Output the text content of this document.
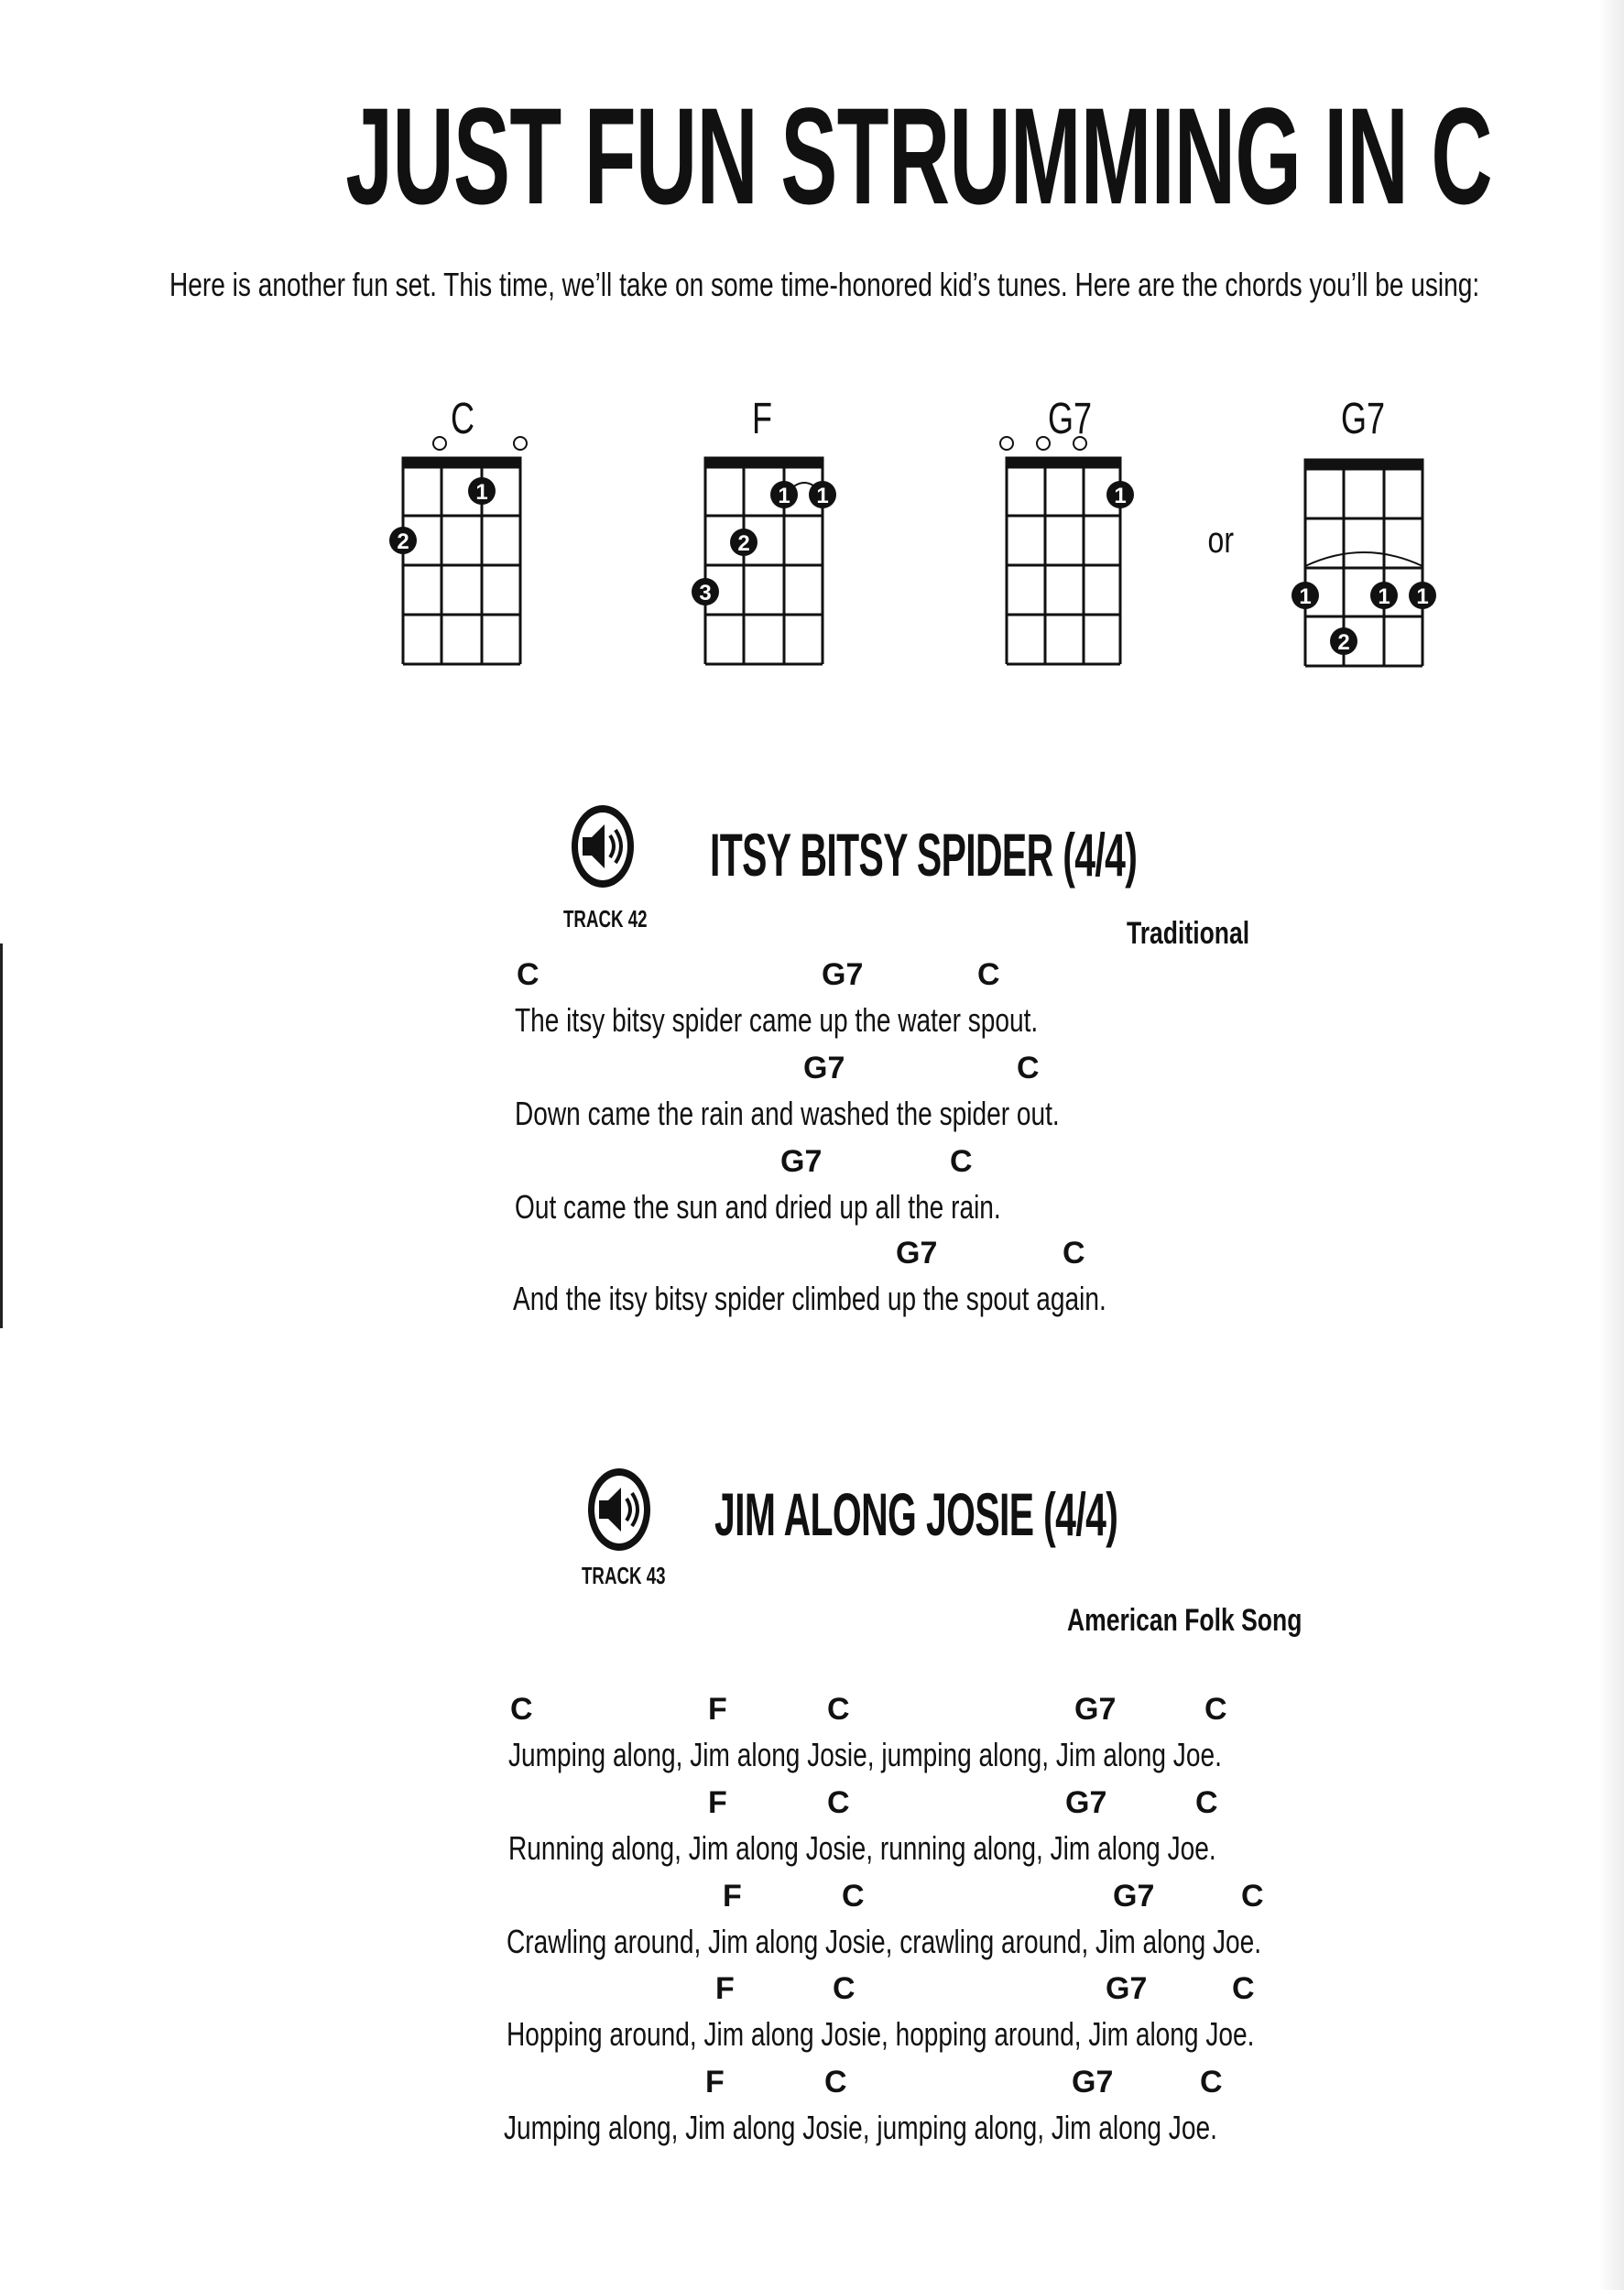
JUST FUN STRUMMING IN C
Here is another fun set. This time, we’ll take on some time-honored kid’s tunes. Here are the chords you’ll be using:
C	F	G7	G7
1
2
1 1
2
3
1
or
1	1 1
2
ITSY BITSY SPIDER (4/4)
TRACK 42	Traditional
C	G7	C
The itsy bitsy spider came up the water spout.
G7	C
Down came the rain and washed the spider out.
G7	C
Out came the sun and dried up all the rain.
G7	C
And the itsy bitsy spider climbed up the spout again.
JIM ALONG JOSIE (4/4)
TRACK 43
American Folk Song
C	F	C	G7	C
Jumping along, Jim along Josie, jumping along, Jim along Joe.
F	C	G7	C
Running along, Jim along Josie, running along, Jim along Joe.
F	C	G7	C
Crawling around, Jim along Josie, crawling around, Jim along Joe.
F	C	G7	C
Hopping around, Jim along Josie, hopping around, Jim along Joe.
F	C	G7	C
Jumping along, Jim along Josie, jumping along, Jim along Joe.
